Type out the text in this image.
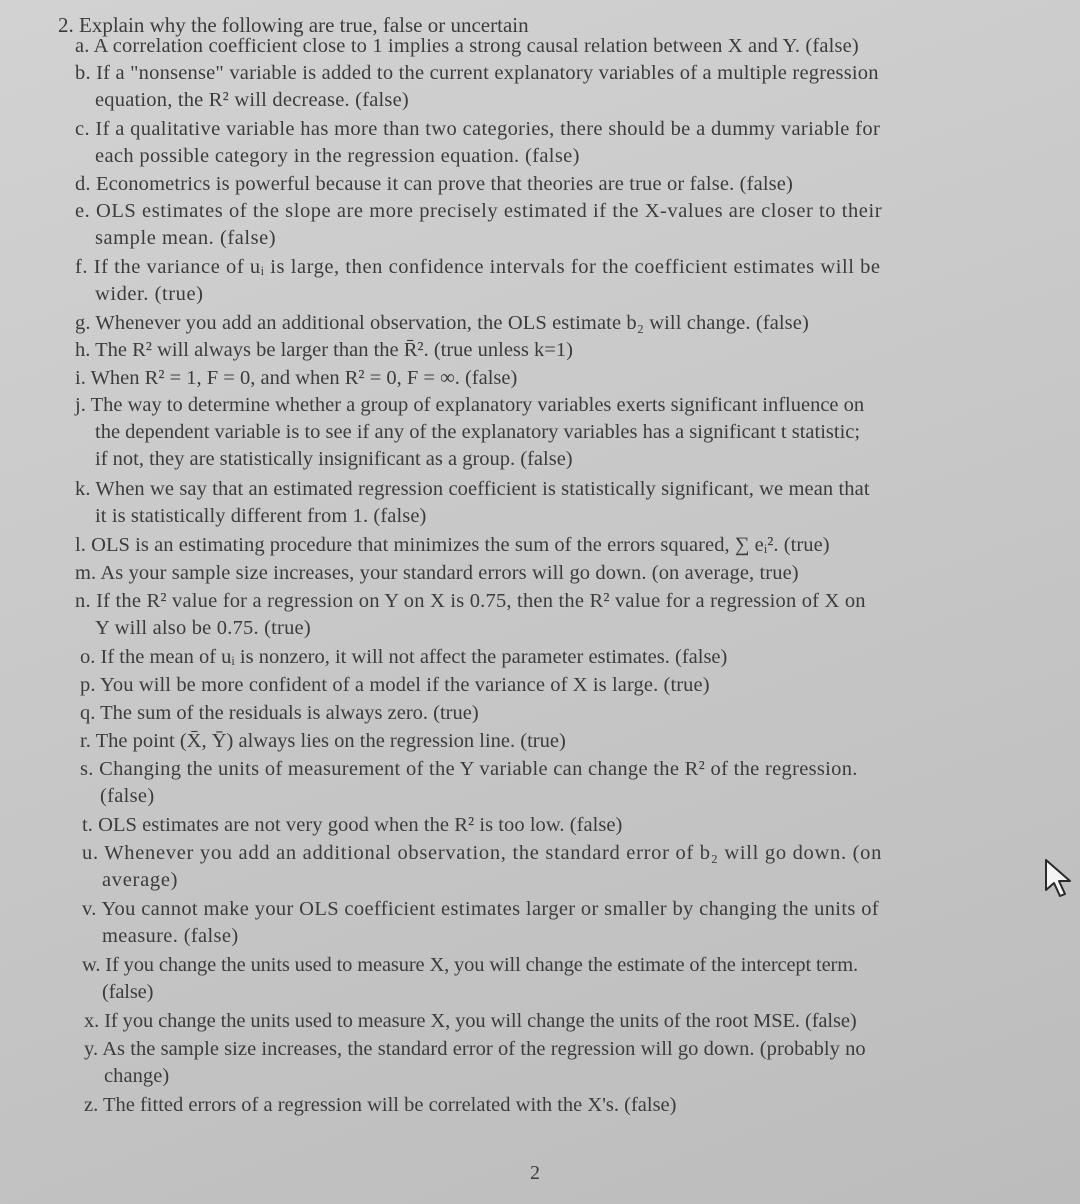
2. Explain why the following are true, false or uncertain
a. A correlation coefficient close to 1 implies a strong causal relation between X and Y. (false)
b. If a "nonsense" variable is added to the current explanatory variables of a multiple regression
equation, the R² will decrease. (false)
c. If a qualitative variable has more than two categories, there should be a dummy variable for
each possible category in the regression equation. (false)
d. Econometrics is powerful because it can prove that theories are true or false. (false)
e. OLS estimates of the slope are more precisely estimated if the X-values are closer to their
sample mean. (false)
f. If the variance of uᵢ is large, then confidence intervals for the coefficient estimates will be
wider. (true)
g. Whenever you add an additional observation, the OLS estimate b₂ will change. (false)
h. The R² will always be larger than the R̄². (true unless k=1)
i. When R² = 1, F = 0, and when R² = 0, F = ∞. (false)
j. The way to determine whether a group of explanatory variables exerts significant influence on
the dependent variable is to see if any of the explanatory variables has a significant t statistic;
if not, they are statistically insignificant as a group. (false)
k. When we say that an estimated regression coefficient is statistically significant, we mean that
it is statistically different from 1. (false)
l. OLS is an estimating procedure that minimizes the sum of the errors squared, ∑ eᵢ². (true)
m. As your sample size increases, your standard errors will go down. (on average, true)
n. If the R² value for a regression on Y on X is 0.75, then the R² value for a regression of X on
Y will also be 0.75. (true)
o. If the mean of uᵢ is nonzero, it will not affect the parameter estimates. (false)
p. You will be more confident of a model if the variance of X is large. (true)
q. The sum of the residuals is always zero. (true)
r. The point (X̄, Ȳ) always lies on the regression line. (true)
s. Changing the units of measurement of the Y variable can change the R² of the regression.
(false)
t. OLS estimates are not very good when the R² is too low. (false)
u. Whenever you add an additional observation, the standard error of b₂ will go down. (on
average)
v. You cannot make your OLS coefficient estimates larger or smaller by changing the units of
measure. (false)
w. If you change the units used to measure X, you will change the estimate of the intercept term.
(false)
x. If you change the units used to measure X, you will change the units of the root MSE. (false)
y. As the sample size increases, the standard error of the regression will go down. (probably no
change)
z. The fitted errors of a regression will be correlated with the X's. (false)
2
